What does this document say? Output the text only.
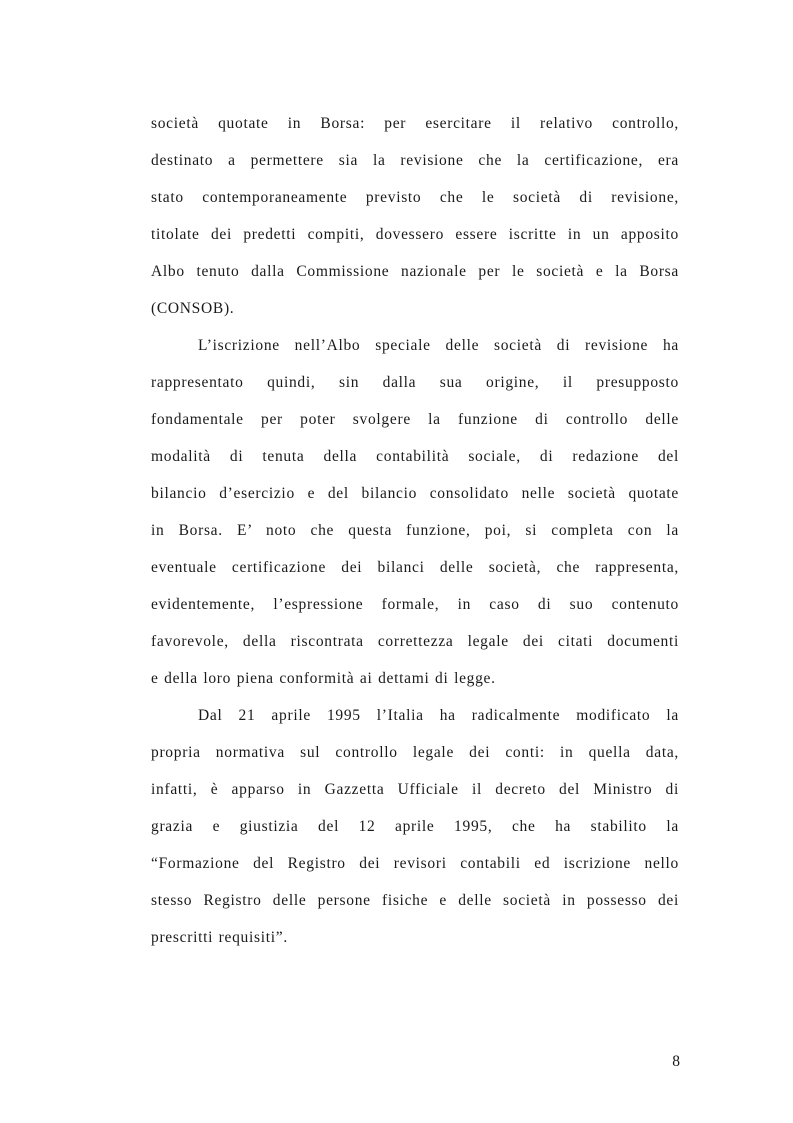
società quotate in Borsa: per esercitare il relativo controllo,
destinato a permettere sia la revisione che la certificazione, era
stato contemporaneamente previsto che le società di revisione,
titolate dei predetti compiti, dovessero essere iscritte in un apposito
Albo tenuto dalla Commissione nazionale per le società e la Borsa
(CONSOB).
L’iscrizione nell’Albo speciale delle società di revisione ha
rappresentato quindi, sin dalla sua origine, il presupposto
fondamentale per poter svolgere la funzione di controllo delle
modalità di tenuta della contabilità sociale, di redazione del
bilancio d’esercizio e del bilancio consolidato nelle società quotate
in Borsa. E’ noto che questa funzione, poi, si completa con la
eventuale certificazione dei bilanci delle società, che rappresenta,
evidentemente, l’espressione formale, in caso di suo contenuto
favorevole, della riscontrata correttezza legale dei citati documenti
e della loro piena conformità ai dettami di legge.
Dal 21 aprile 1995 l’Italia ha radicalmente modificato la
propria normativa sul controllo legale dei conti: in quella data,
infatti, è apparso in Gazzetta Ufficiale il decreto del Ministro di
grazia e giustizia del 12 aprile 1995, che ha stabilito la
“Formazione del Registro dei revisori contabili ed iscrizione nello
stesso Registro delle persone fisiche e delle società in possesso dei
prescritti requisiti”.
8
